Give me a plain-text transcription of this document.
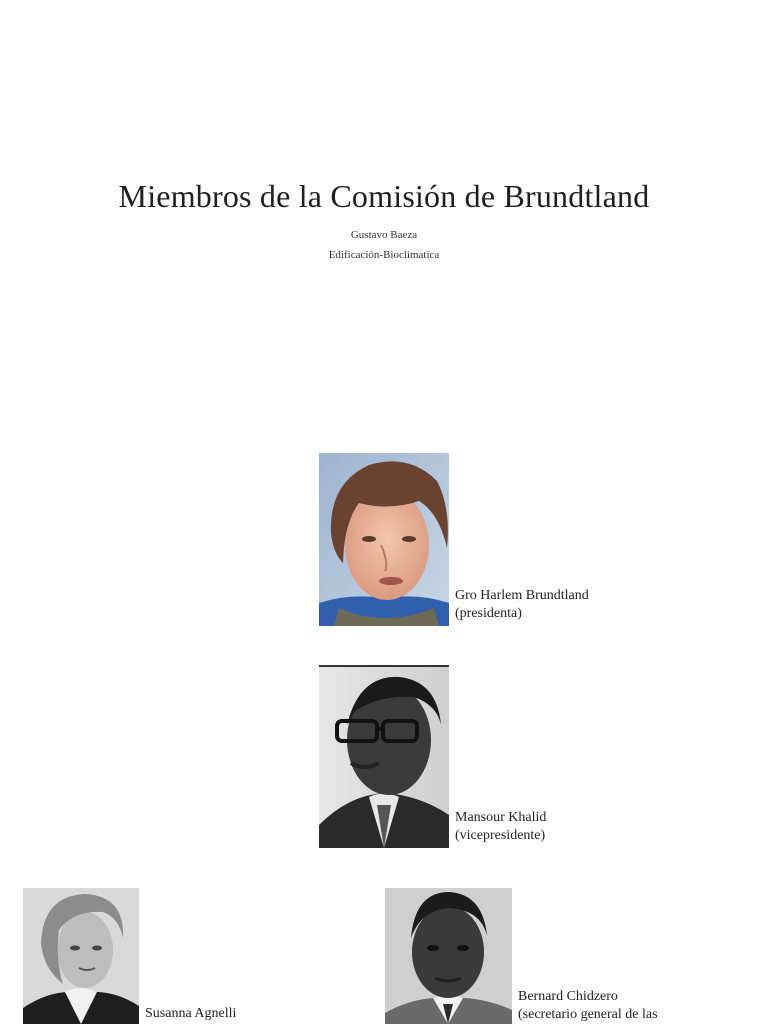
Miembros de la Comisión de Brundtland
Gustavo Baeza
Edificación-Bioclimatica
Gro Harlem Brundtland
(presidenta)
Mansour Khalid
(vicepresidente)
Susanna Agnelli
Bernard Chidzero
(secretario general de las
